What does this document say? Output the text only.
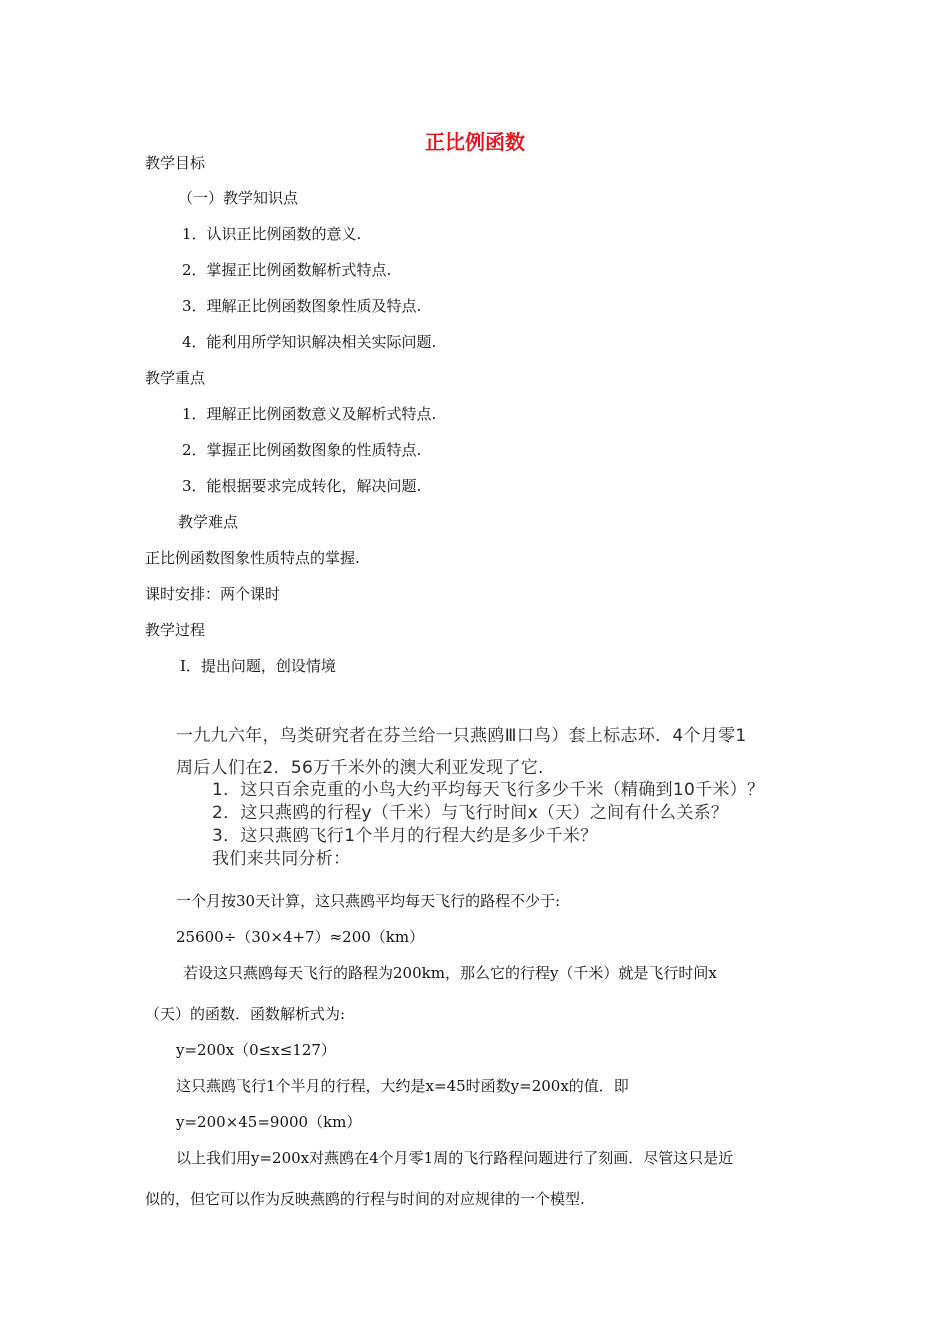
正比例函数
教学目标
（一）教学知识点
1．认识正比例函数的意义.
2．掌握正比例函数解析式特点.
3．理解正比例函数图象性质及特点.
4．能利用所学知识解决相关实际问题.
教学重点
1．理解正比例函数意义及解析式特点.
2．掌握正比例函数图象的性质特点.
3．能根据要求完成转化，解决问题.
教学难点
正比例函数图象性质特点的掌握.
课时安排：两个课时
教学过程
Ⅰ．提出问题，创设情境
一九九六年，鸟类研究者在芬兰给一只燕鸥Ⅲ口鸟）套上标志环．4个月零1
周后人们在2．56万千米外的澳大利亚发现了它.
1．这只百余克重的小鸟大约平均每天飞行多少千米（精确到10千米）？
2．这只燕鸥的行程y（千米）与飞行时间x（天）之间有什么关系？
3．这只燕鸥飞行1个半月的行程大约是多少千米？
我们来共同分析：
一个月按30天计算，这只燕鸥平均每天飞行的路程不少于:
25600÷（30×4+7）≈200（km）
若设这只燕鸥每天飞行的路程为200km，那么它的行程y（千米）就是飞行时间x
（天）的函数．函数解析式为:
y=200x（0≤x≤127）
这只燕鸥飞行1个半月的行程，大约是x=45时函数y=200x的值．即
y=200×45=9000（km）
以上我们用y=200x对燕鸥在4个月零1周的飞行路程问题进行了刻画．尽管这只是近
似的，但它可以作为反映燕鸥的行程与时间的对应规律的一个模型.
